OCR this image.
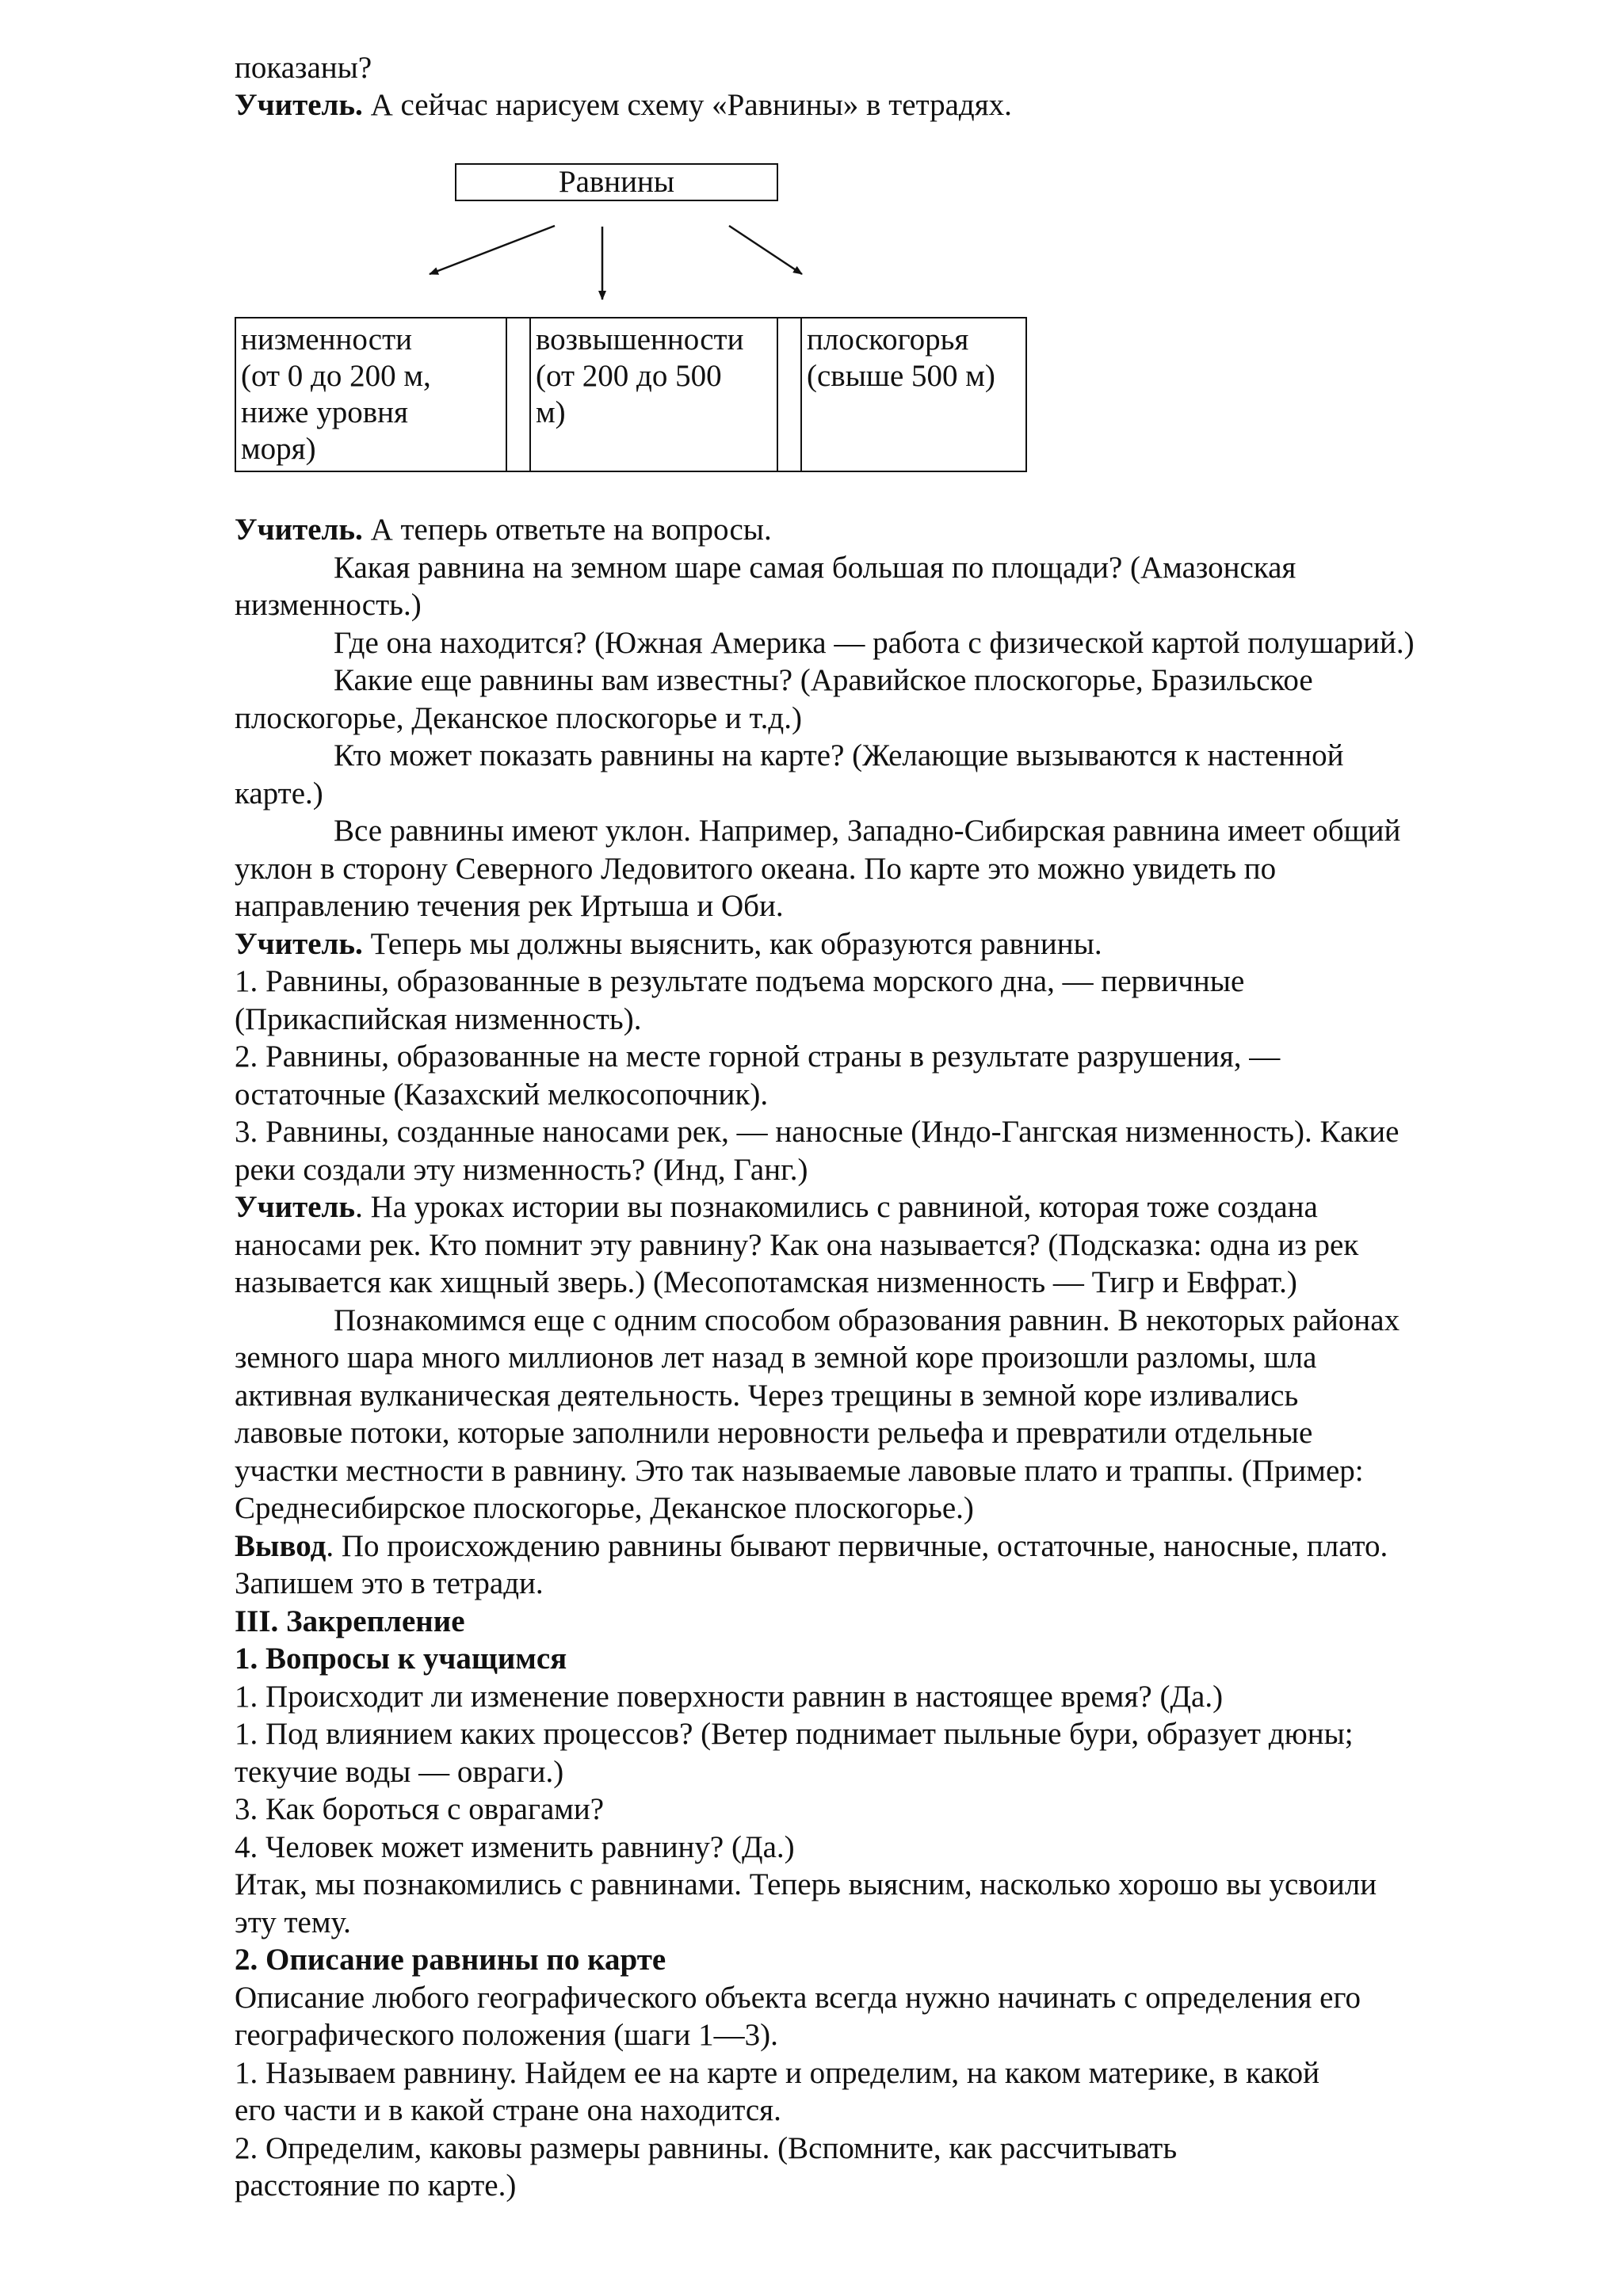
показаны?
Учитель. А сейчас нарисуем схему «Равнины» в тетрадях.
Равнины
низменности
(от 0 до 200 м,
ниже уровня
моря)
возвышенности
(от 200 до 500
м)
плоскогорья
(свыше 500 м)
Учитель. А теперь ответьте на вопросы.
Какая равнина на земном шаре самая большая по площади? (Амазонская
низменность.)
Где она находится? (Южная Америка — работа с физической картой полушарий.)
Какие еще равнины вам известны? (Аравийское плоскогорье, Бразильское
плоскогорье, Деканское плоскогорье и т.д.)
Кто может показать равнины на карте? (Желающие вызываются к настенной
карте.)
Все равнины имеют уклон. Например, Западно-Сибирская равнина имеет общий
уклон в сторону Северного Ледовитого океана. По карте это можно увидеть по
направлению течения рек Иртыша и Оби.
Учитель. Теперь мы должны выяснить, как образуются равнины.
1. Равнины, образованные в результате подъема морского дна, — первичные
(Прикаспийская низменность).
2. Равнины, образованные на месте горной страны в результате разрушения, —
остаточные (Казахский мелкосопочник).
3. Равнины, созданные наносами рек, — наносные (Индо-Гангская низменность). Какие
реки создали эту низменность? (Инд, Ганг.)
Учитель. На уроках истории вы познакомились с равниной, которая тоже создана
наносами рек. Кто помнит эту равнину? Как она называется? (Подсказка: одна из рек
называется как хищный зверь.) (Месопотамская низменность — Тигр и Евфрат.)
Познакомимся еще с одним способом образования равнин. В некоторых районах
земного шара много миллионов лет назад в земной коре произошли разломы, шла
активная вулканическая деятельность. Через трещины в земной коре изливались
лавовые потоки, которые заполнили неровности рельефа и превратили отдельные
участки местности в равнину. Это так называемые лавовые плато и траппы. (Пример:
Среднесибирское плоскогорье, Деканское плоскогорье.)
Вывод. По происхождению равнины бывают первичные, остаточные, наносные, плато.
Запишем это в тетради.
III. Закрепление
1. Вопросы к учащимся
1. Происходит ли изменение поверхности равнин в настоящее время? (Да.)
1. Под влиянием каких процессов? (Ветер поднимает пыльные бури, образует дюны;
текучие воды — овраги.)
3. Как бороться с оврагами?
4. Человек может изменить равнину? (Да.)
Итак, мы познакомились с равнинами. Теперь выясним, насколько хорошо вы усвоили
эту тему.
2. Описание равнины по карте
Описание любого географического объекта всегда нужно начинать с определения его
географического положения (шаги 1—3).
1. Называем равнину. Найдем ее на карте и определим, на каком материке, в какой
его части и в какой стране она находится.
2. Определим, каковы размеры равнины. (Вспомните, как рассчитывать
расстояние по карте.)
